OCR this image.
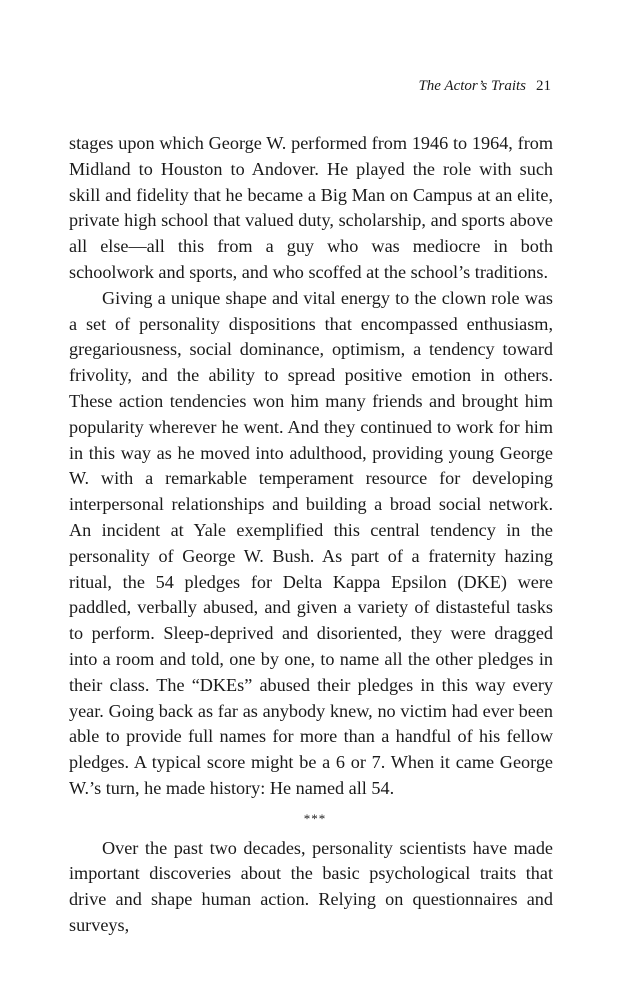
The Actor’s Traits 21

stages upon which George W. performed from 1946 to 1964, from Midland to Houston to Andover. He played the role with such skill and fidelity that he became a Big Man on Campus at an elite, private high school that valued duty, scholarship, and sports above all else—all this from a guy who was mediocre in both schoolwork and sports, and who scoffed at the school’s traditions.

Giving a unique shape and vital energy to the clown role was a set of personality dispositions that encompassed enthusiasm, gregariousness, social dominance, optimism, a tendency toward frivolity, and the ability to spread positive emotion in others. These action tendencies won him many friends and brought him popularity wherever he went. And they continued to work for him in this way as he moved into adulthood, providing young George W. with a remarkable temperament resource for developing interpersonal relationships and building a broad social network. An incident at Yale exemplified this central tendency in the personality of George W. Bush. As part of a fraternity hazing ritual, the 54 pledges for Delta Kappa Epsilon (DKE) were paddled, verbally abused, and given a variety of distasteful tasks to perform. Sleep-deprived and disoriented, they were dragged into a room and told, one by one, to name all the other pledges in their class. The “DKEs” abused their pledges in this way every year. Going back as far as anybody knew, no victim had ever been able to provide full names for more than a handful of his fellow pledges. A typical score might be a 6 or 7. When it came George W.’s turn, he made history: He named all 54.

***

Over the past two decades, personality scientists have made important discoveries about the basic psychological traits that drive and shape human action. Relying on questionnaires and surveys,
